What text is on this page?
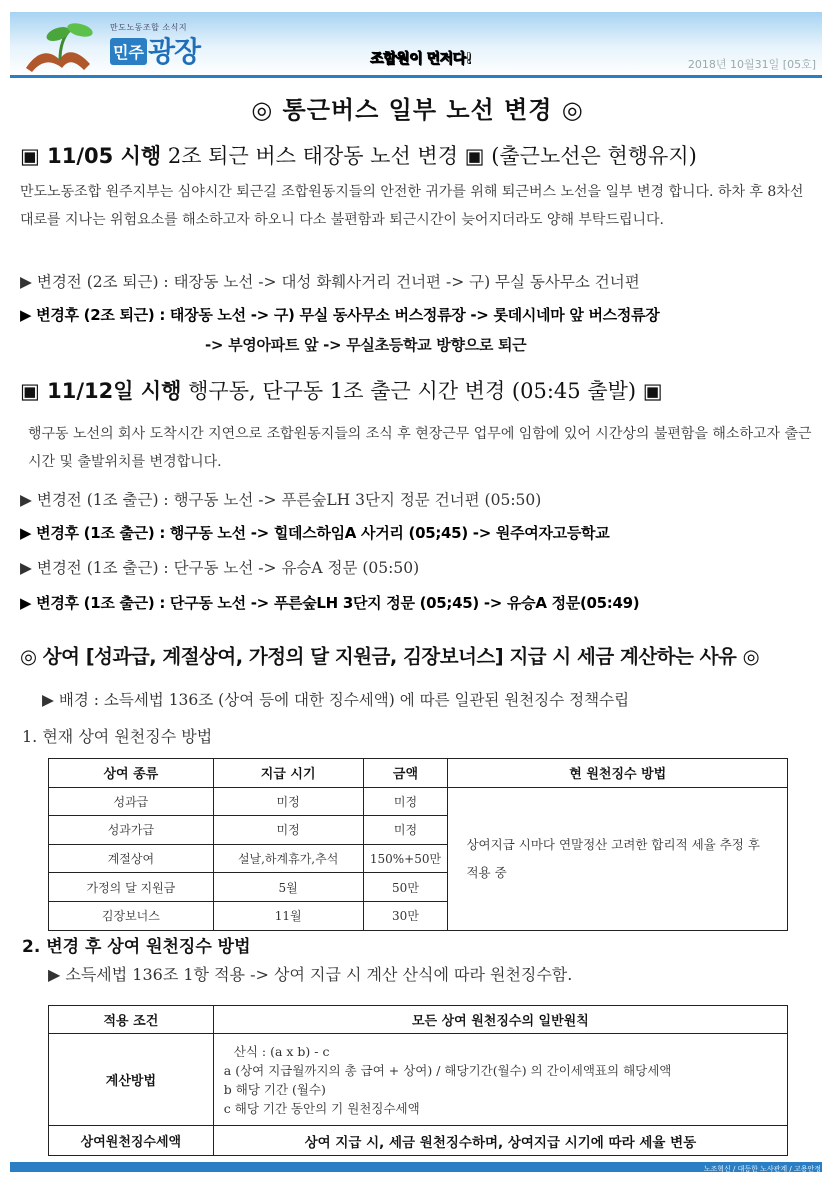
만도노동조합 소식지
민주 광장	조합원이 먼저다!	2018년 10월31일 [05호]
◎ 통근버스 일부 노선 변경 ◎
▣ 11/05 시행 2조 퇴근 버스 태장동 노선 변경 ▣ (출근노선은 현행유지)
만도노동조합 원주지부는 심야시간 퇴근길 조합원동지들의 안전한 귀가를 위해 퇴근버스 노선을 일부 변경 합니다. 하차 후 8차선 대로를 지나는 위험요소를 해소하고자 하오니 다소 불편함과 퇴근시간이 늦어지더라도 양해 부탁드립니다.
▶ 변경전 (2조 퇴근) : 태장동 노선 -> 대성 화훼사거리 건너편 -> 구) 무실 동사무소 건너편
▶ 변경후 (2조 퇴근) : 태장동 노선 -> 구) 무실 동사무소 버스정류장 -> 롯데시네마 앞 버스정류장
-> 부영아파트 앞 -> 무실초등학교 방향으로 퇴근
▣ 11/12일 시행 행구동, 단구동 1조 출근 시간 변경 (05:45 출발) ▣
행구동 노선의 회사 도착시간 지연으로 조합원동지들의 조식 후 현장근무 업무에 임함에 있어 시간상의 불편함을 해소하고자 출근시간 및 출발위치를 변경합니다.
▶ 변경전 (1조 출근) : 행구동 노선 -> 푸른숲LH 3단지 정문 건너편 (05:50)
▶ 변경후 (1조 출근) : 행구동 노선 -> 힐데스하임A 사거리 (05;45) -> 원주여자고등학교
▶ 변경전 (1조 출근) : 단구동 노선 -> 유승A 정문 (05:50)
▶ 변경후 (1조 출근) : 단구동 노선 -> 푸른숲LH 3단지 정문 (05;45) -> 유승A 정문(05:49)
◎ 상여 [성과급, 계절상여, 가정의 달 지원금, 김장보너스] 지급 시 세금 계산하는 사유 ◎
▶ 배경 : 소득세법 136조 (상여 등에 대한 징수세액) 에 따른 일관된 원천징수 정책수립
1. 현재 상여 원천징수 방법
상여 종류	지급 시기	금액	현 원천징수 방법
성과급	미정	미정	상여지급 시마다 연말정산 고려한 합리적 세율 추정 후 적용 중
성과가급	미정	미정	
계절상여	설날,하계휴가,추석	150%+50만	
가정의 달 지원금	5월	50만	
김장보너스	11월	30만	
2. 변경 후 상여 원천징수 방법
▶ 소득세법 136조 1항 적용 -> 상여 지급 시 계산 산식에 따라 원천징수함.
적용 조건	모든 상여 원천징수의 일반원칙
계산방법	산식 : (a x b) - c
a (상여 지급월까지의 총 급여 + 상여) / 해당기간(월수) 의 간이세액표의 해당세액
b 해당 기간 (월수)
c 해당 기간 동안의 기 원천징수세액

상여원천징수세액	상여 지급 시, 세금 원천징수하며, 상여지급 시기에 따라 세율 변동
노조혁신 / 대등한 노사관계 / 고용안정
